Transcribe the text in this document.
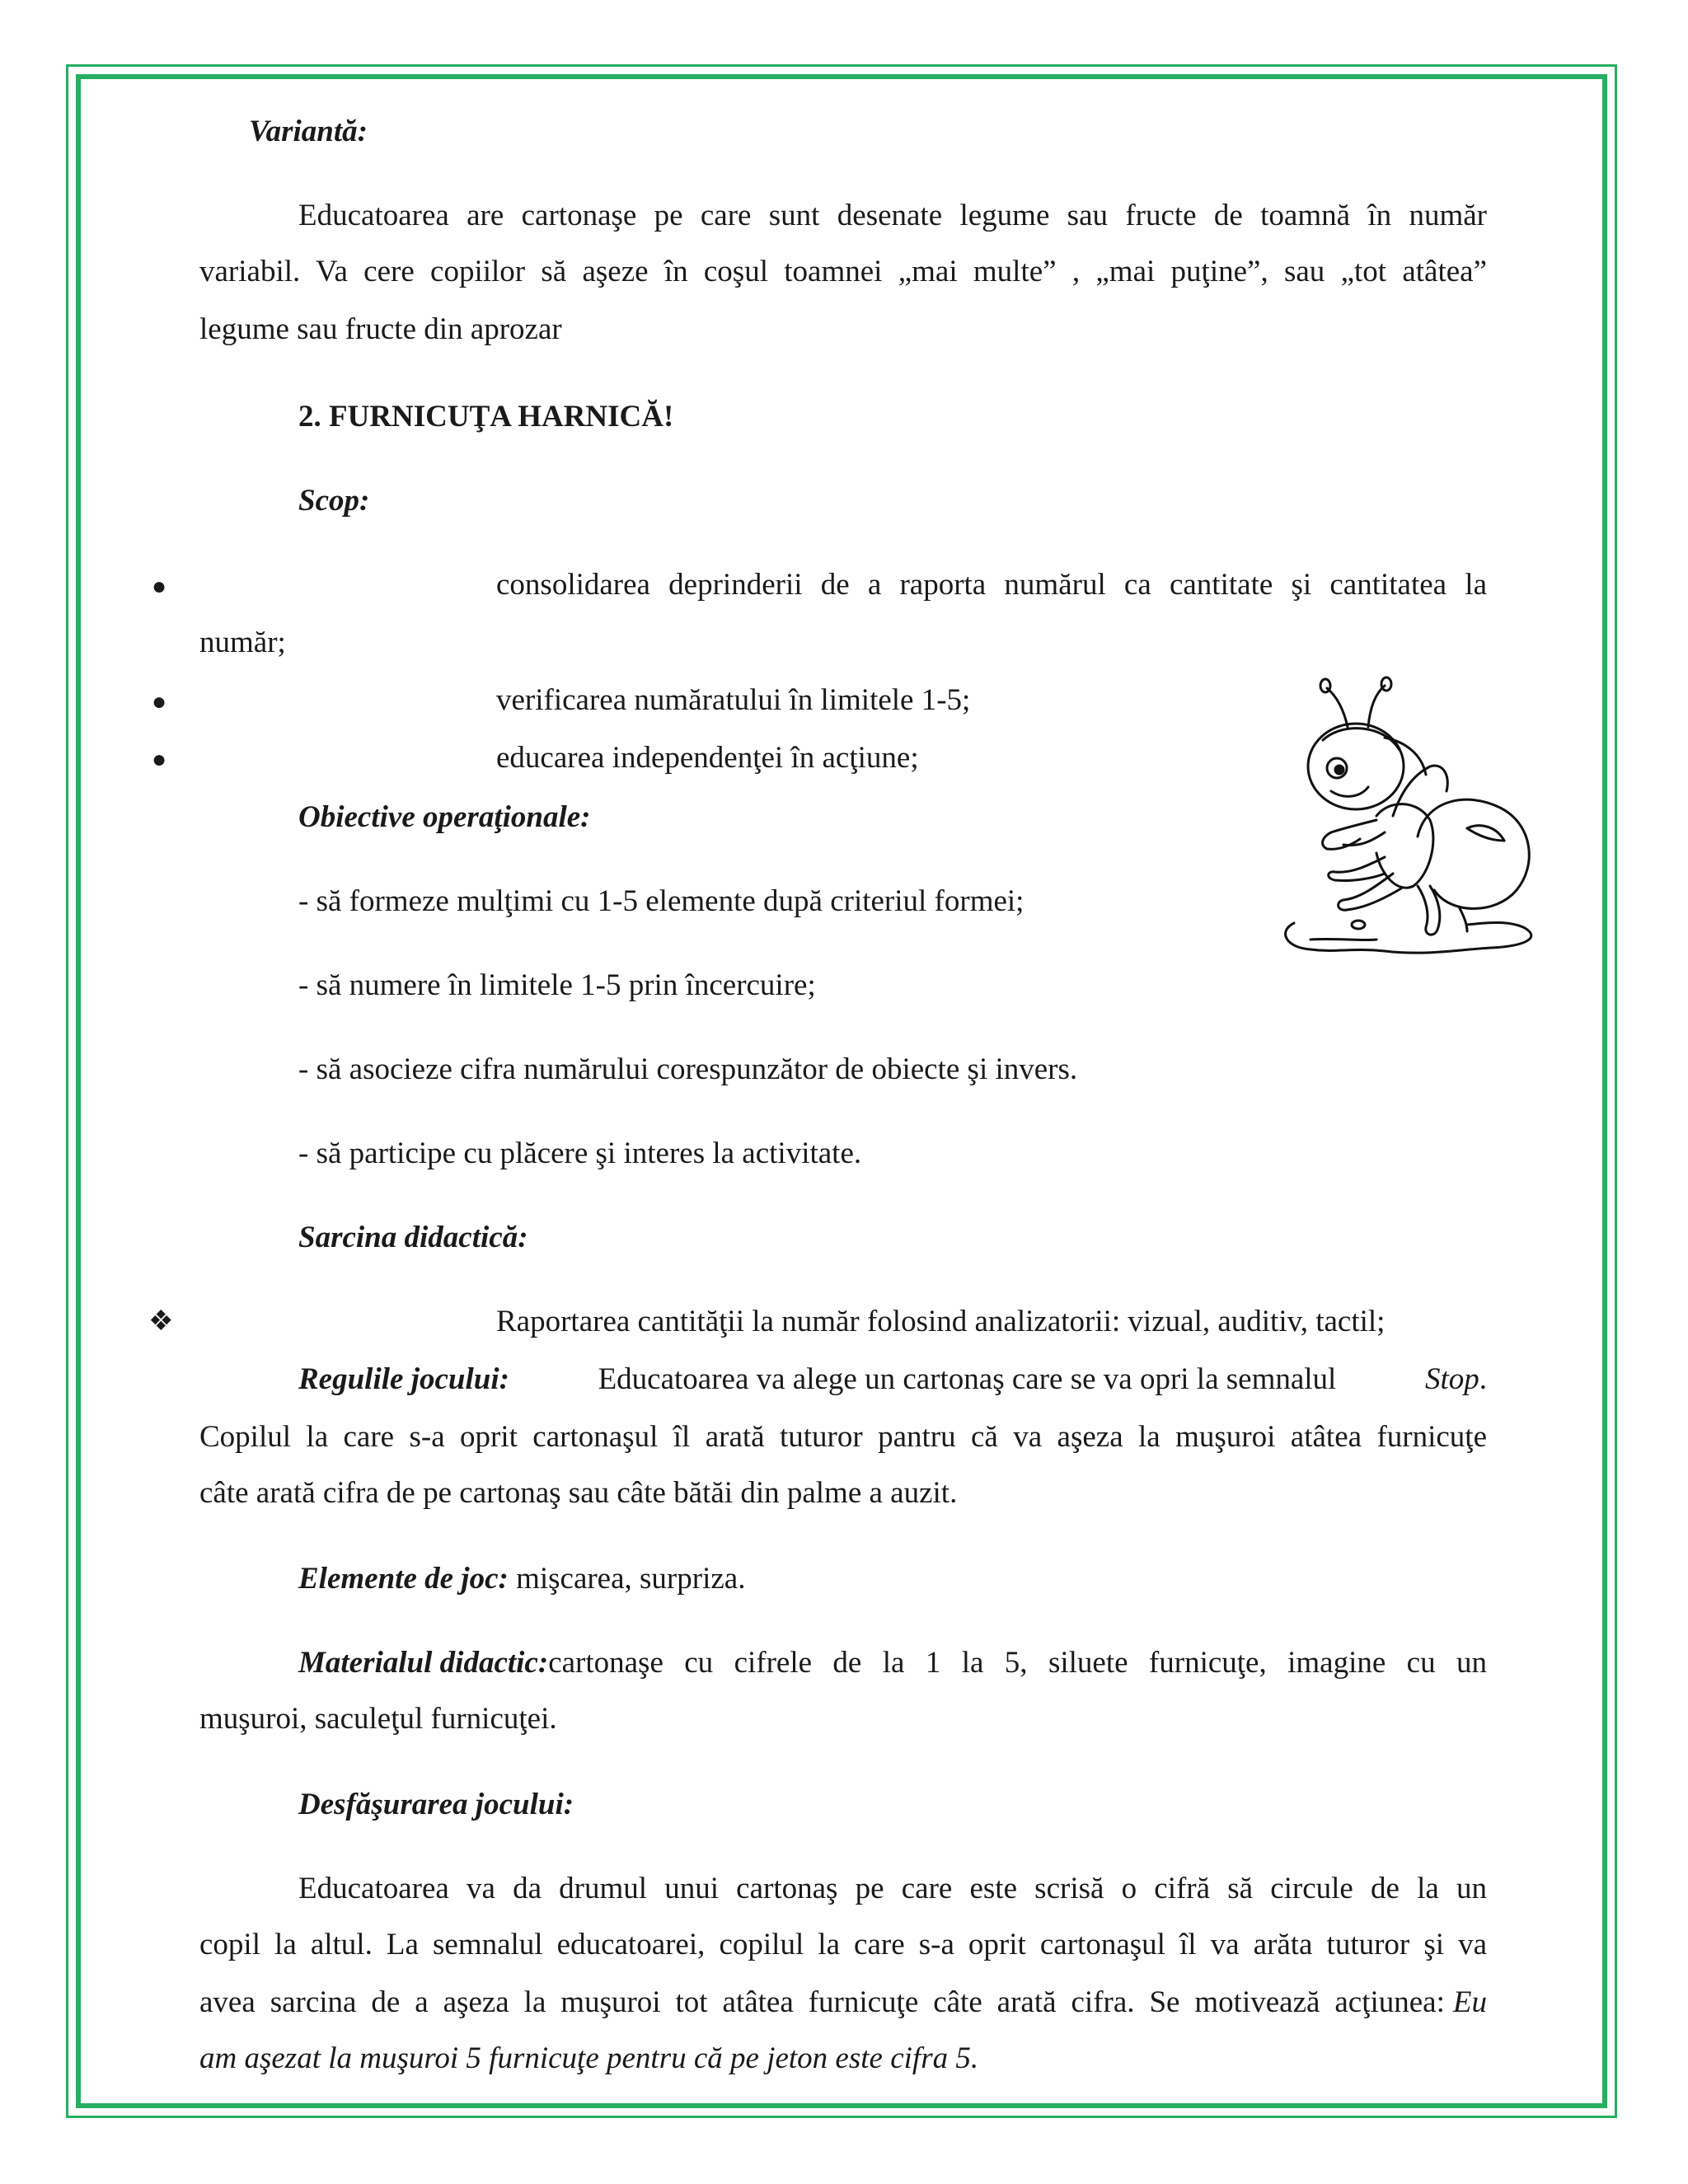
Variantă:
Educatoarea are cartonaşe pe care sunt desenate legume sau fructe de toamnă în număr
variabil. Va cere copiilor să aşeze în coşul toamnei „mai multe” , „mai puţine”, sau „tot atâtea”
legume sau fructe din aprozar
2. FURNICUŢA HARNICĂ!
Scop:
●	consolidarea deprinderii de a raporta numărul ca cantitate şi cantitatea la
număr;
●	verificarea număratului în limitele 1-5;
●	educarea independenţei în acţiune;
Obiective operaţionale:
- să formeze mulţimi cu 1-5 elemente după criteriul formei;
- să numere în limitele 1-5 prin încercuire;
- să asocieze cifra numărului corespunzător de obiecte şi invers.
- să participe cu plăcere şi interes la activitate.
Sarcina didactică:
❖	Raportarea cantităţii la număr folosind analizatorii: vizual, auditiv, tactil;
Regulile jocului:	Educatoarea va alege un cartonaş care se va opri la semnalul	Stop.
Copilul la care s-a oprit cartonaşul îl arată tuturor pantru că va aşeza la muşuroi atâtea furnicuţe
câte arată cifra de pe cartonaş sau câte bătăi din palme a auzit.
Elemente de joc: mişcarea, surpriza.
Materialul didactic: cartonaşe cu cifrele de la 1 la 5, siluete furnicuţe, imagine cu un
muşuroi, saculeţul furnicuţei.
Desfăşurarea jocului:
Educatoarea va da drumul unui cartonaş pe care este scrisă o cifră să circule de la un
copil la altul. La semnalul educatoarei, copilul la care s-a oprit cartonaşul îl va arăta tuturor şi va
avea sarcina de a aşeza la muşuroi tot atâtea furnicuţe câte arată cifra. Se motivează acţiunea: Eu
am aşezat la muşuroi 5 furnicuţe pentru că pe jeton este cifra 5.
